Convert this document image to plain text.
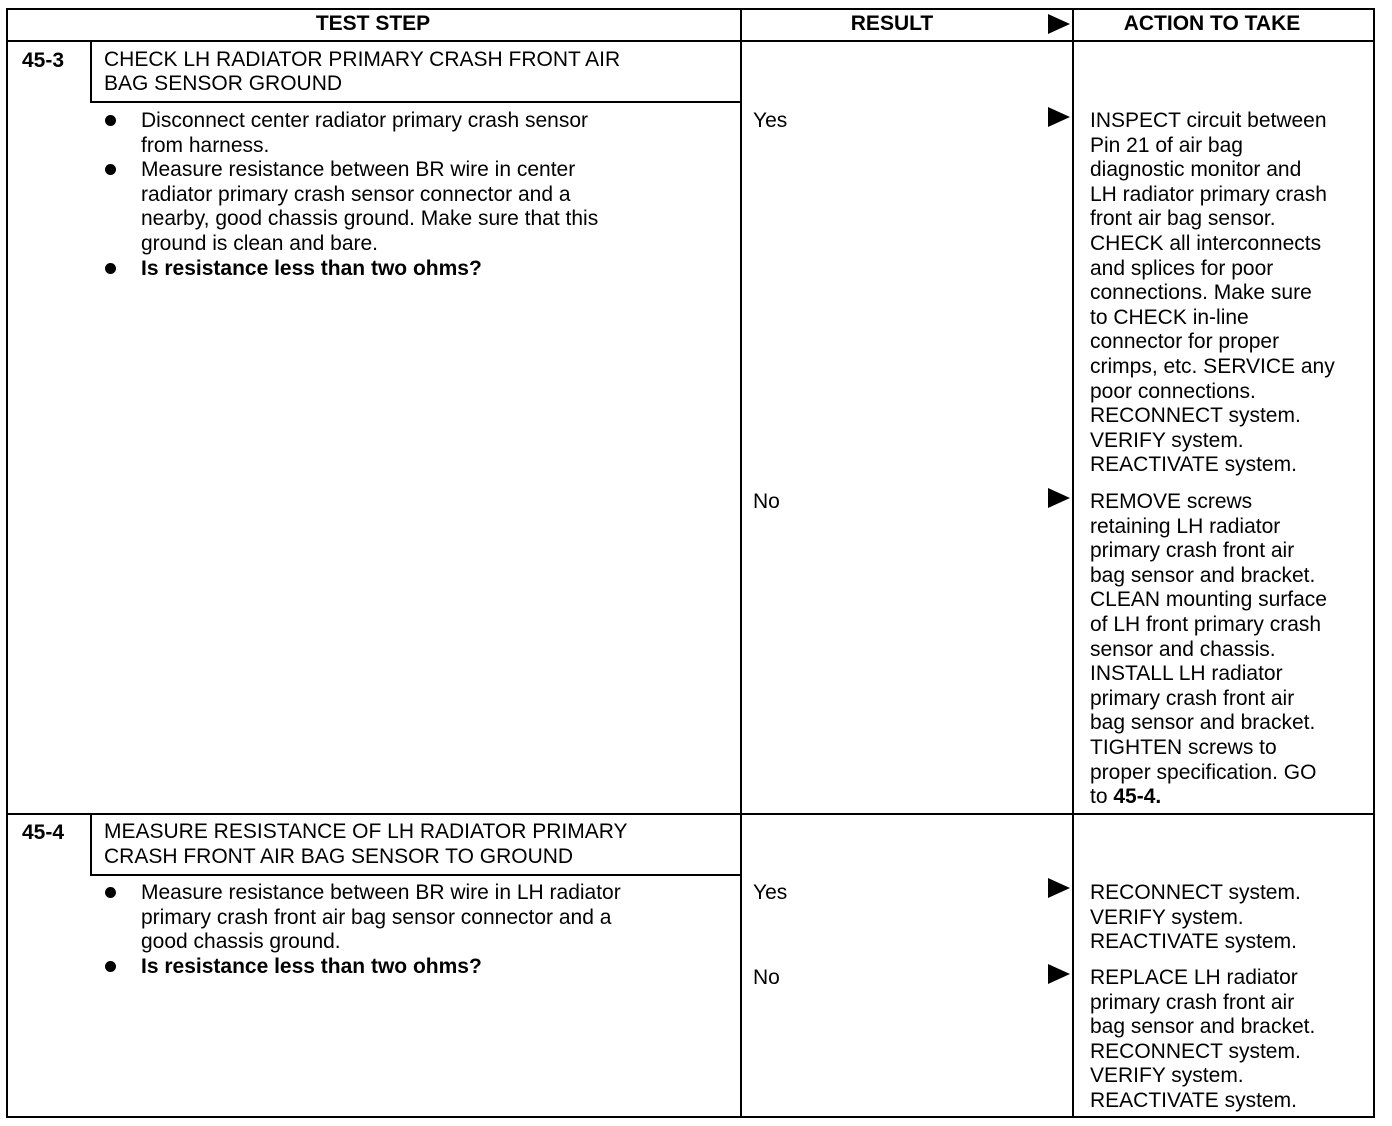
TEST STEP	RESULT	ACTION TO TAKE
45-3 CHECK LH RADIATOR PRIMARY CRASH FRONT AIR
BAG SENSOR GROUND
Disconnect center radiator primary crash sensor
from harness.
Measure resistance between BR wire in center
radiator primary crash sensor connector and a
nearby, good chassis ground. Make sure that this
ground is clean and bare.
Is resistance less than two ohms?
Yes	INSPECT circuit between
Pin 21 of air bag
diagnostic monitor and
LH radiator primary crash
front air bag sensor.
CHECK all interconnects
and splices for poor
connections. Make sure
to CHECK in-line
connector for proper
crimps, etc. SERVICE any
poor connections.
RECONNECT system.
VERIFY system.
REACTIVATE system.
No	REMOVE screws
retaining LH radiator
primary crash front air
bag sensor and bracket.
CLEAN mounting surface
of LH front primary crash
sensor and chassis.
INSTALL LH radiator
primary crash front air
bag sensor and bracket.
TIGHTEN screws to
proper specification. GO
to 45-4.
45-4 MEASURE RESISTANCE OF LH RADIATOR PRIMARY
CRASH FRONT AIR BAG SENSOR TO GROUND
Measure resistance between BR wire in LH radiator
primary crash front air bag sensor connector and a
good chassis ground.
Is resistance less than two ohms?
Yes	RECONNECT system.
VERIFY system.
REACTIVATE system.
No	REPLACE LH radiator
primary crash front air
bag sensor and bracket.
RECONNECT system.
VERIFY system.
REACTIVATE system.
